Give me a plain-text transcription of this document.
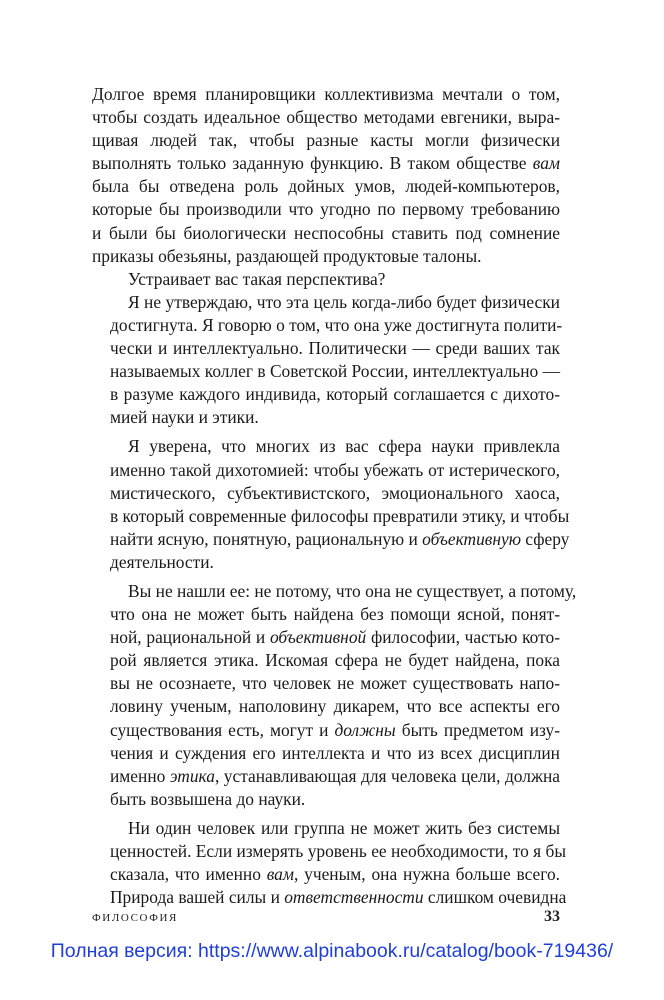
Долгое время планировщики коллективизма мечтали о том,
чтобы создать идеальное общество методами евгеники, выра-
щивая людей так, чтобы разные касты могли физически
выполнять только заданную функцию. В таком обществе вам
была бы отведена роль дойных умов, людей-компьютеров,
которые бы производили что угодно по первому требованию
и были бы биологически неспособны ставить под сомнение
приказы обезьяны, раздающей продуктовые талоны.

Устраивает вас такая перспектива?

Я не утверждаю, что эта цель когда-либо будет физически
достигнута. Я говорю о том, что она уже достигнута полити-
чески и интеллектуально. Политически — среди ваших так
называемых коллег в Советской России, интеллектуально —
в разуме каждого индивида, который соглашается с дихото-
мией науки и этики.

Я уверена, что многих из вас сфера науки привлекла
именно такой дихотомией: чтобы убежать от истерического,
мистического, субъективистского, эмоционального хаоса,
в который современные философы превратили этику, и чтобы
найти ясную, понятную, рациональную и объективную сферу
деятельности.

Вы не нашли ее: не потому, что она не существует, а потому,
что она не может быть найдена без помощи ясной, понят-
ной, рациональной и объективной философии, частью кото-
рой является этика. Искомая сфера не будет найдена, пока
вы не осознаете, что человек не может существовать напо-
ловину ученым, наполовину дикарем, что все аспекты его
существования есть, могут и должны быть предметом изу-
чения и суждения его интеллекта и что из всех дисциплин
именно этика, устанавливающая для человека цели, должна
быть возвышена до науки.

Ни один человек или группа не может жить без системы
ценностей. Если измерять уровень ее необходимости, то я бы
сказала, что именно вам, ученым, она нужна больше всего.
Природа вашей силы и ответственности слишком очевидна

ФИЛОСОФИЯ	33
Полная версия: https://www.alpinabook.ru/catalog/book-719436/
